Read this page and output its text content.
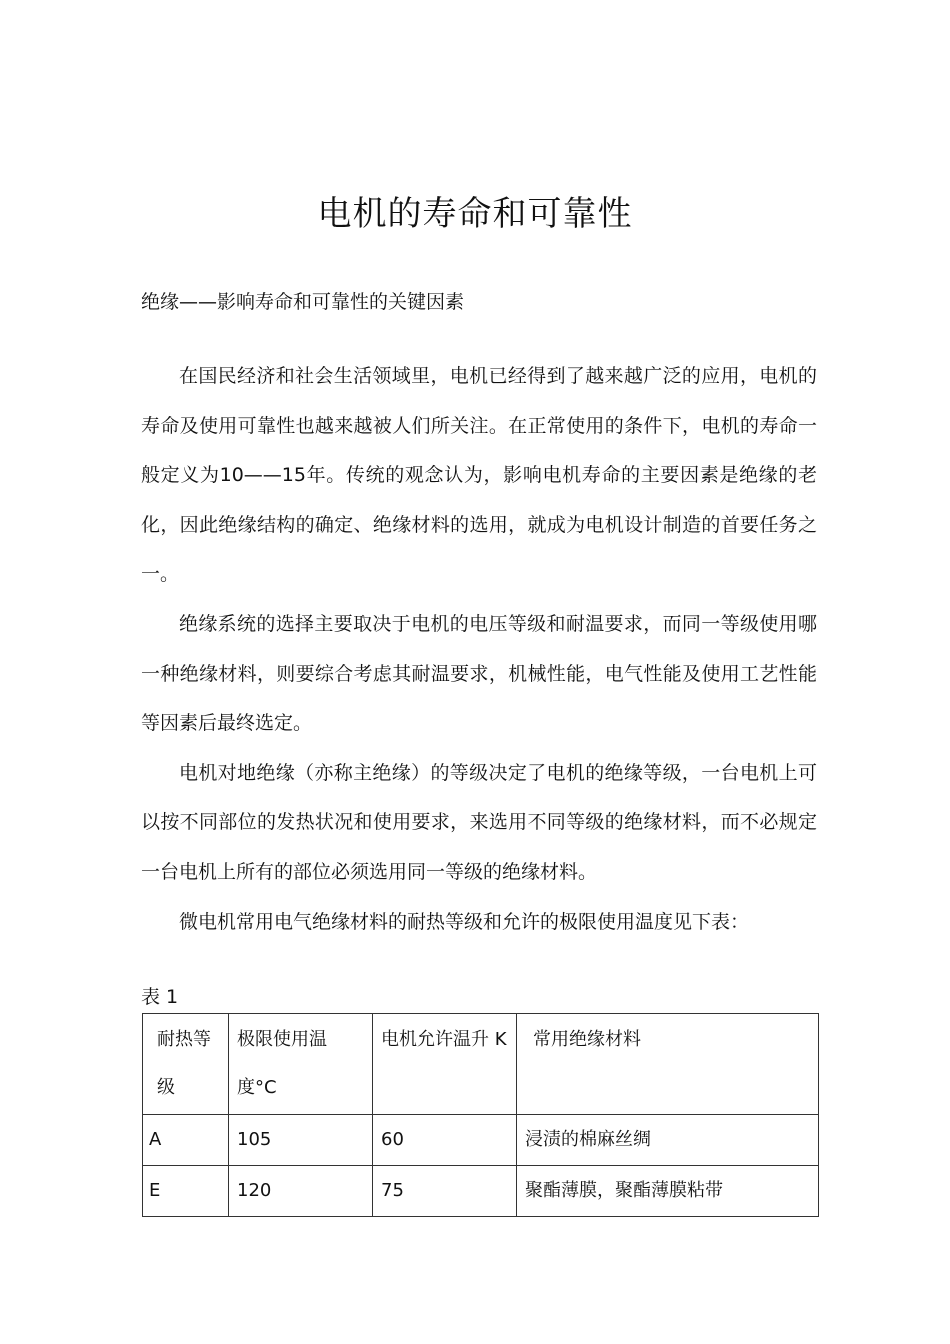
电机的寿命和可靠性
绝缘——影响寿命和可靠性的关键因素

在国民经济和社会生活领域里，电机已经得到了越来越广泛的应用，电机的寿命及使用可靠性也越来越被人们所关注。在正常使用的条件下，电机的寿命一般定义为10——15年。传统的观念认为，影响电机寿命的主要因素是绝缘的老化，因此绝缘结构的确定、绝缘材料的选用，就成为电机设计制造的首要任务之一。

绝缘系统的选择主要取决于电机的电压等级和耐温要求，而同一等级使用哪一种绝缘材料，则要综合考虑其耐温要求，机械性能，电气性能及使用工艺性能等因素后最终选定。

电机对地绝缘（亦称主绝缘）的等级决定了电机的绝缘等级，一台电机上可以按不同部位的发热状况和使用要求，来选用不同等级的绝缘材料，而不必规定一台电机上所有的部位必须选用同一等级的绝缘材料。

微电机常用电气绝缘材料的耐热等级和允许的极限使用温度见下表：

表 1
耐热等级	极限使用温度°C	电机允许温升 K	常用绝缘材料
A	105	60	浸渍的棉麻丝绸
E	120	75	聚酯薄膜，聚酯薄膜粘带
